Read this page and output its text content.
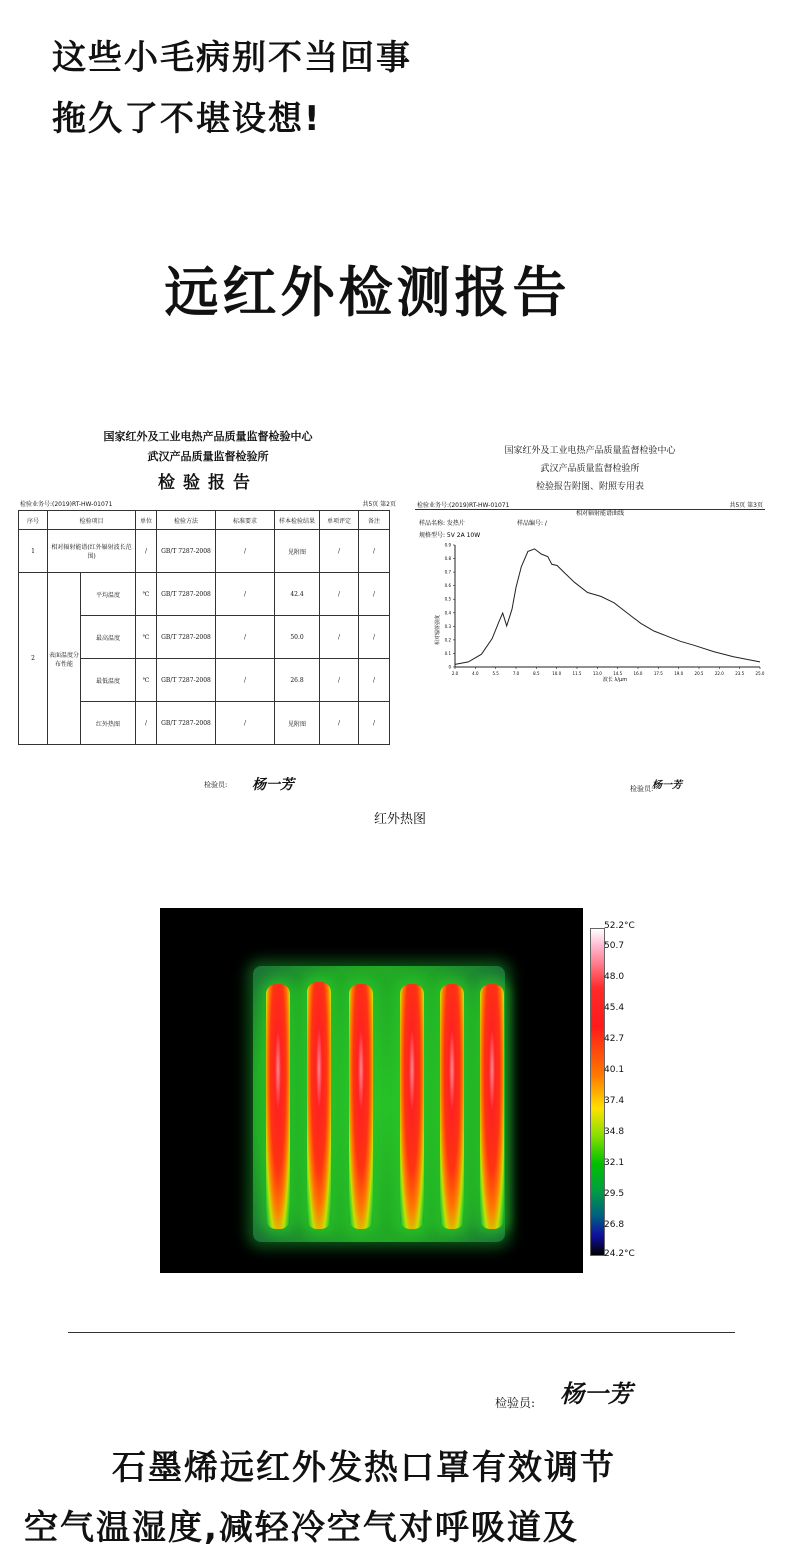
这些小毛病别不当回事
拖久了不堪设想!
远红外检测报告
国家红外及工业电热产品质量监督检验中心
武汉产品质量监督检验所
检验报告
检验业务号:(2019)RT-HW-01071	共5页 第2页
序号	检验项目		单位	检验方法	标准要求	样本检验结果	单项评定	备注
1	相对辐射能谱(红外辐射波长范围)		/	GB/T 7287-2008	/	见附图	/	/
2	表面温度分布性能	平均温度	℃	GB/T 7287-2008	/	42.4	/	/
		最高温度	℃	GB/T 7287-2008	/	50.0	/	/
		最低温度	℃	GB/T 7287-2008	/	26.8	/	/
		红外热图	/	GB/T 7287-2008	/	见附图	/	/
检验员: 杨一芳
国家红外及工业电热产品质量监督检验中心
武汉产品质量监督检验所
检验报告附图、附照专用表
检验业务号:(2019)RT-HW-01071	共5页 第3页
相对辐射能谱曲线
样品名称: 发热片	样品编号: /
规格型号: 5V 2A 10W
相对辐射强度
波长 λ/μm
2.0	4.0	5.5	7.0	8.5	10.0	11.5	13.0	14.5	16.0	17.5	19.0	20.5	22.0	23.5	25.0
0.9
0.8
0.7
0.6
0.5
0.4
0.3
0.2
0.1
0
检验员:
杨一芳
红外热图
52.2°C
50.7
48.0
45.4
42.7
40.1
37.4
34.8
32.1
29.5
26.8
24.2°C
检验员: 杨一芳
石墨烯远红外发热口罩有效调节
空气温湿度,减轻冷空气对呼吸道及
